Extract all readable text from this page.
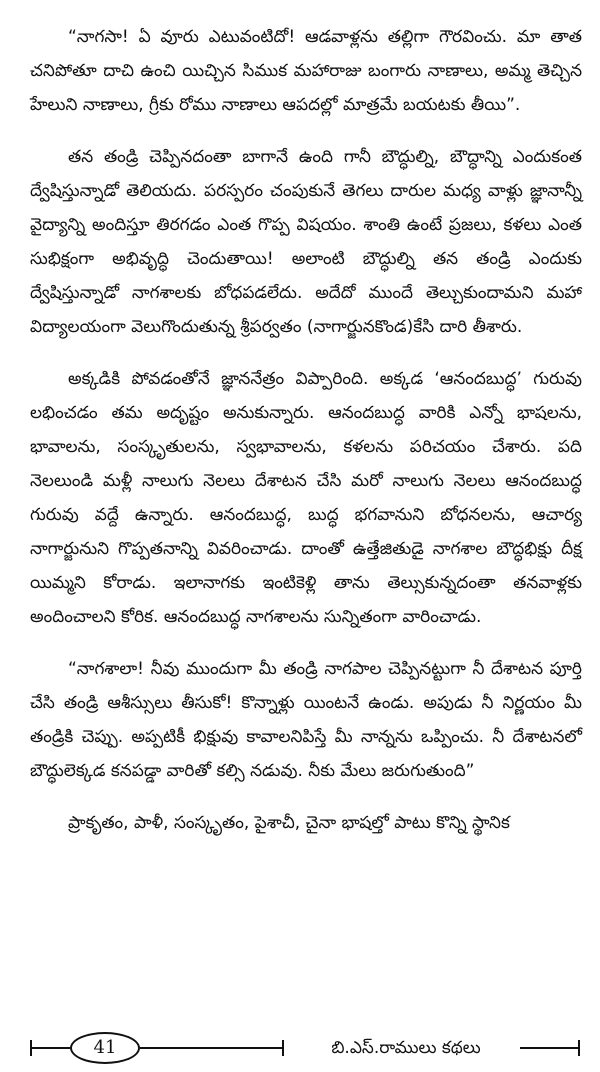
“నాగసా! ఏ వూరు ఎటువంటిదో! ఆడవాళ్లను తల్లిగా గౌరవించు. మా తాత చనిపోతూ దాచి ఉంచి యిచ్చిన సిముక మహారాజు బంగారు నాణాలు, అమ్మ తెచ్చిన హేలుని నాణాలు, గ్రీకు రోము నాణాలు ఆపదల్లో మాత్రమే బయటకు తీయి”.

తన తండ్రి చెప్పినదంతా బాగానే ఉంది గానీ బౌద్ధుల్ని, బౌద్ధాన్ని ఎందుకంత ద్వేషిస్తున్నాడో తెలియదు. పరస్పరం చంపుకునే తెగలు దారుల మధ్య వాళ్లు జ్ఞానాన్నీ వైద్యాన్ని అందిస్తూ తిరగడం ఎంత గొప్ప విషయం. శాంతి ఉంటే ప్రజలు, కళలు ఎంత సుభిక్షంగా అభివృద్ధి చెందుతాయి! అలాంటి బౌద్ధుల్ని తన తండ్రి ఎందుకు ద్వేషిస్తున్నాడో నాగశాలకు బోధపడలేదు. అదేదో ముందే తెల్చుకుందామని మహా విద్యాలయంగా వెలుగొందుతున్న శ్రీపర్వతం (నాగార్జునకొండ)కేసి దారి తీశారు.

అక్కడికి పోవడంతోనే జ్ఞాననేత్రం విప్పారింది. అక్కడ ‘ఆనందబుద్ధ’ గురువు లభించడం తమ అదృష్టం అనుకున్నారు. ఆనందబుద్ధ వారికి ఎన్నో భాషలను, భావాలను, సంస్కృతులను, స్వభావాలను, కళలను పరిచయం చేశారు. పది నెలలుండి మళ్లీ నాలుగు నెలలు దేశాటన చేసి మరో నాలుగు నెలలు ఆనందబుద్ధ గురువు వద్దే ఉన్నారు. ఆనందబుద్ధ, బుద్ధ భగవానుని బోధనలను, ఆచార్య నాగార్జునుని గొప్పతనాన్ని వివరించాడు. దాంతో ఉత్తేజితుడై నాగశాల బౌద్ధభిక్షు దీక్ష యిమ్మని కోరాడు. ఇలానాగకు ఇంటికెళ్లి తాను తెల్సుకున్నదంతా తనవాళ్లకు అందించాలని కోరిక. ఆనందబుద్ధ నాగశాలను సున్నితంగా వారించాడు.

“నాగశాలా! నీవు ముందుగా మీ తండ్రి నాగపాల చెప్పినట్టుగా నీ దేశాటన పూర్తి చేసి తండ్రి ఆశీస్సులు తీసుకో! కొన్నాళ్లు యింటనే ఉండు. అపుడు నీ నిర్ణయం మీ తండ్రికి చెప్పు. అప్పటికీ భిక్షువు కావాలనిపిస్తే మీ నాన్నను ఒప్పించు. నీ దేశాటనలో బౌద్ధులెక్కడ కనపడ్డా వారితో కల్సి నడువు. నీకు మేలు జరుగుతుంది”

ప్రాకృతం, పాళీ, సంస్కృతం, పైశాచీ, చైనా భాషల్తో పాటు కొన్ని స్థానిక

41	బి.ఎస్.రాములు కథలు
